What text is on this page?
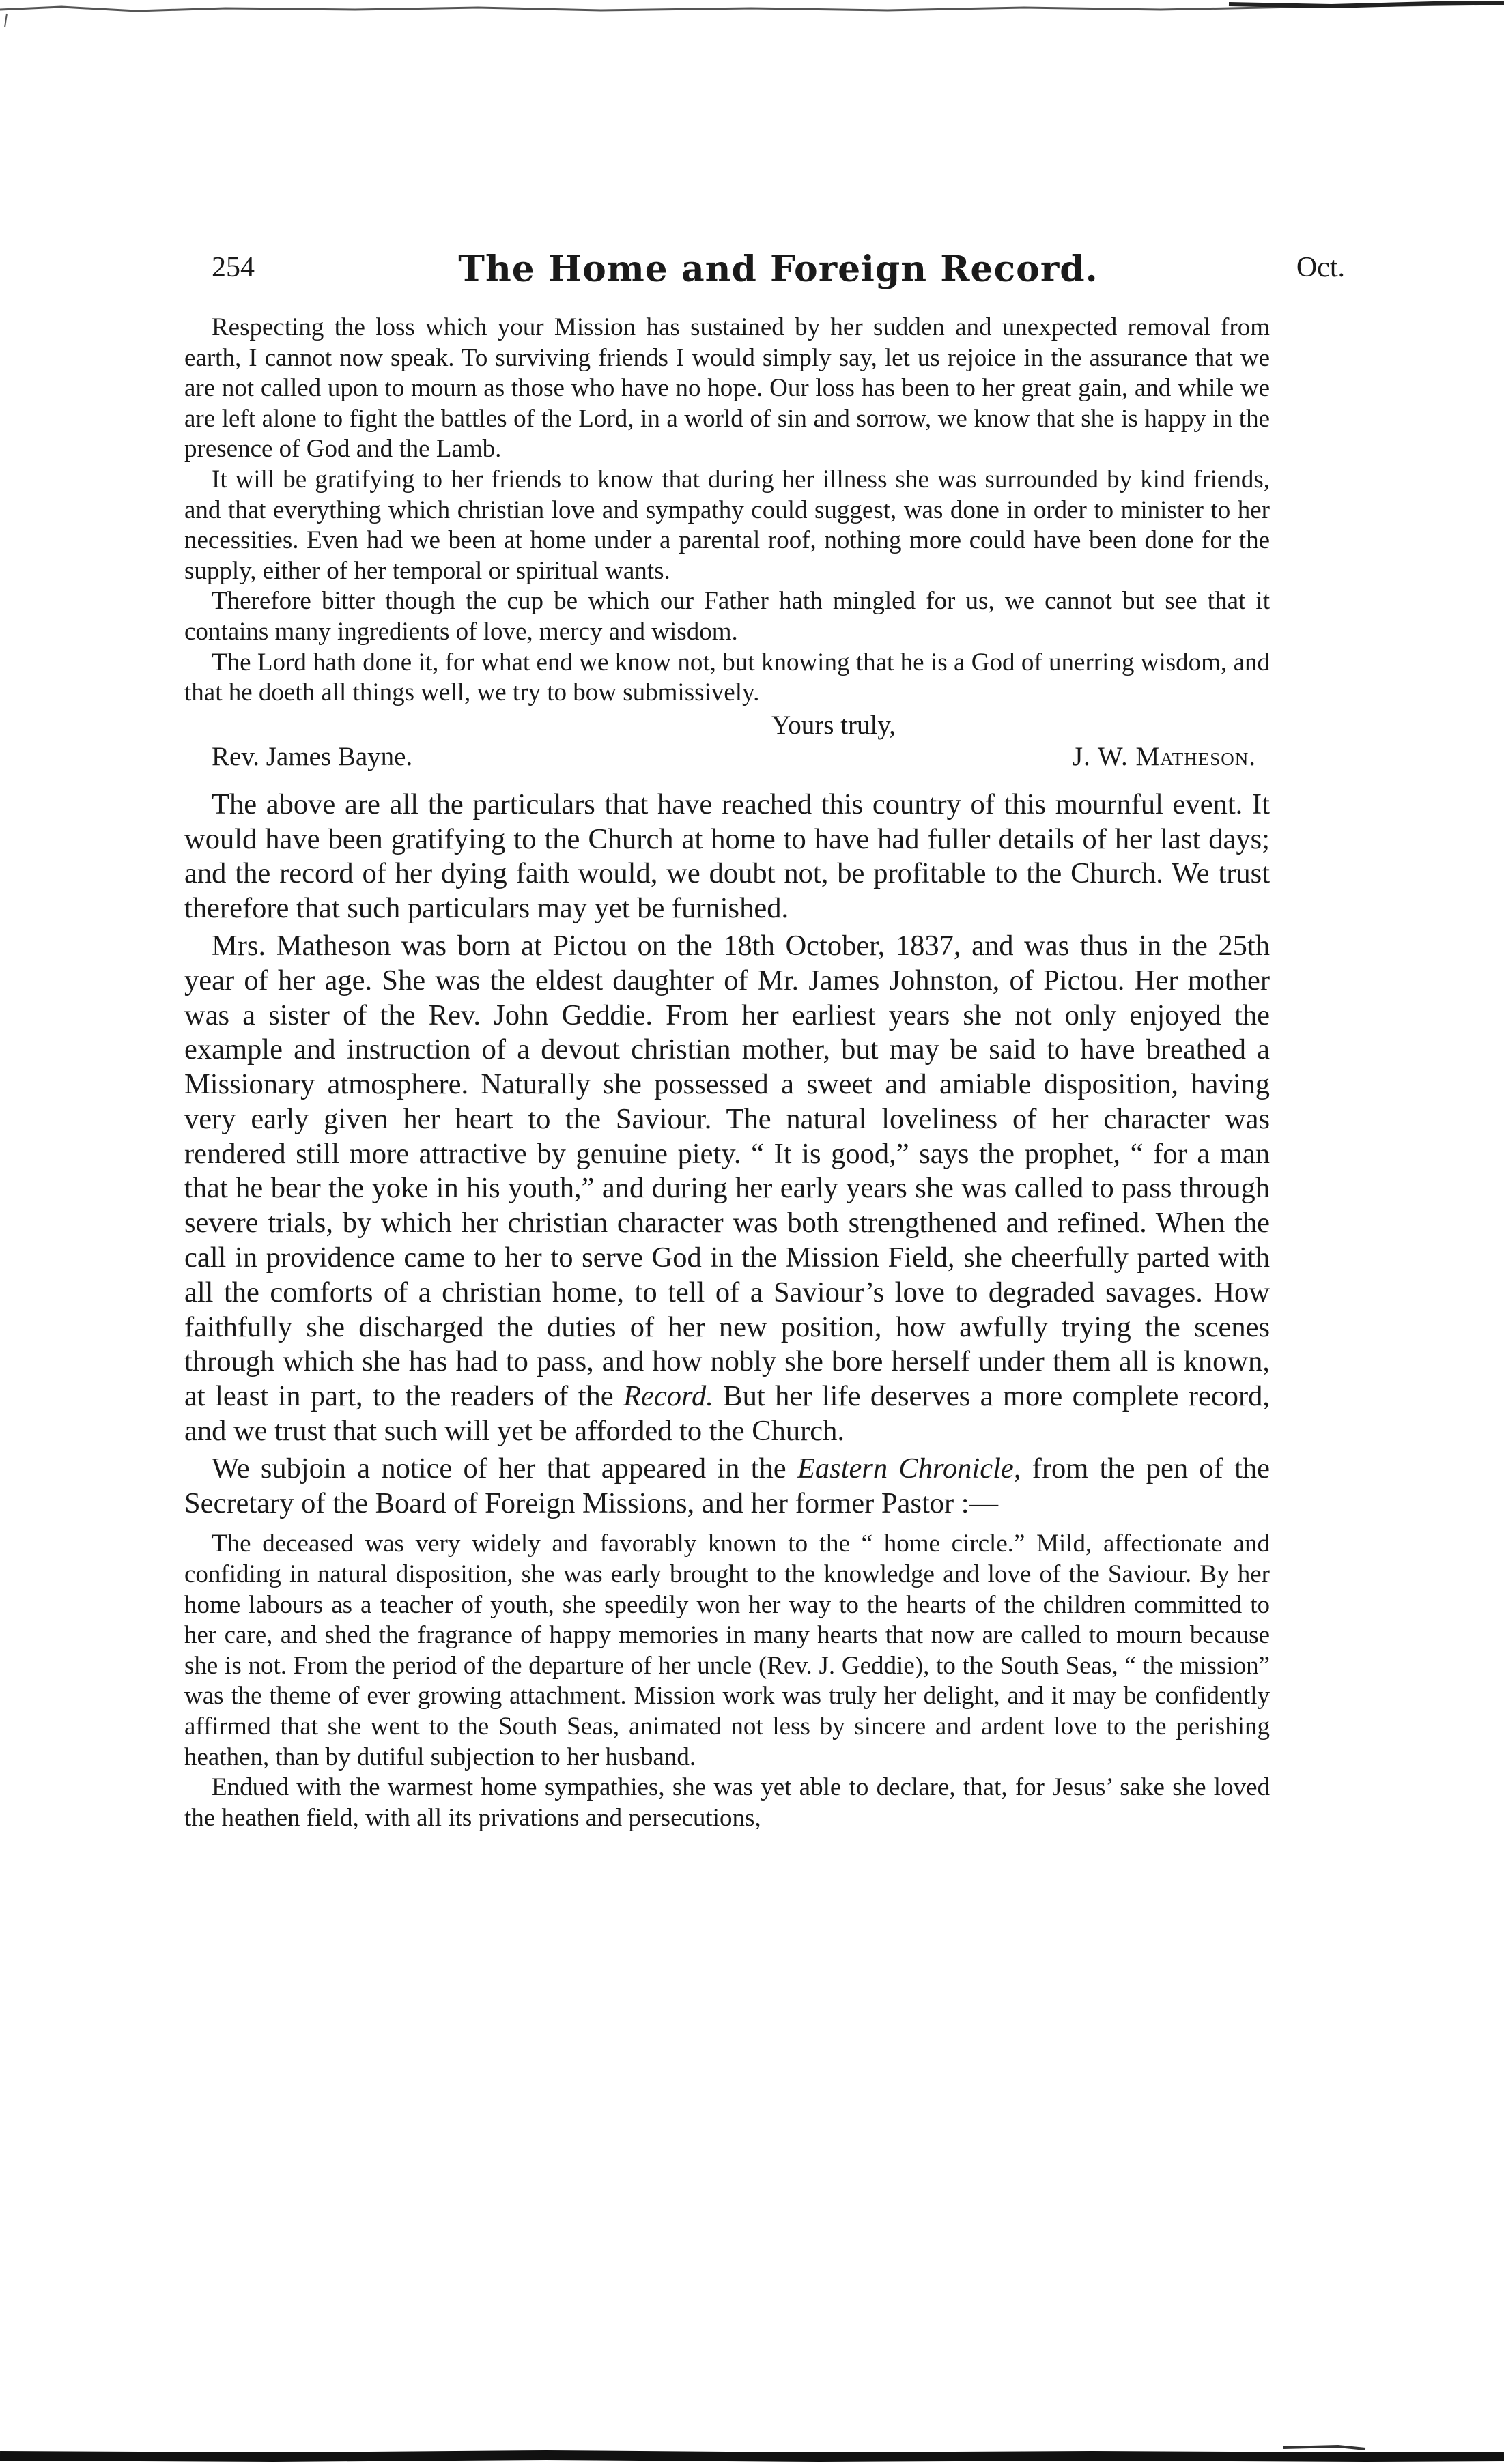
254	The Home and Foreign Record.	Oct.

Respecting the loss which your Mission has sustained by her sudden and unexpected removal from earth, I cannot now speak. To surviving friends I would simply say, let us rejoice in the assurance that we are not called upon to mourn as those who have no hope. Our loss has been to her great gain, and while we are left alone to fight the battles of the Lord, in a world of sin and sorrow, we know that she is happy in the presence of God and the Lamb.

It will be gratifying to her friends to know that during her illness she was surrounded by kind friends, and that everything which christian love and sympathy could suggest, was done in order to minister to her necessities. Even had we been at home under a parental roof, nothing more could have been done for the supply, either of her temporal or spiritual wants.

Therefore bitter though the cup be which our Father hath mingled for us, we cannot but see that it contains many ingredients of love, mercy and wisdom.

The Lord hath done it, for what end we know not, but knowing that he is a God of unerring wisdom, and that he doeth all things well, we try to bow submissively.

Yours truly,
Rev. James Bayne.	J. W. Matheson.

The above are all the particulars that have reached this country of this mournful event. It would have been gratifying to the Church at home to have had fuller details of her last days; and the record of her dying faith would, we doubt not, be profitable to the Church. We trust therefore that such particulars may yet be furnished.

Mrs. Matheson was born at Pictou on the 18th October, 1837, and was thus in the 25th year of her age. She was the eldest daughter of Mr. James Johnston, of Pictou. Her mother was a sister of the Rev. John Geddie. From her earliest years she not only enjoyed the example and instruction of a devout christian mother, but may be said to have breathed a Missionary atmosphere. Naturally she possessed a sweet and amiable disposition, having very early given her heart to the Saviour. The natural loveliness of her character was rendered still more attractive by genuine piety. “ It is good,” says the prophet, “ for a man that he bear the yoke in his youth,” and during her early years she was called to pass through severe trials, by which her christian character was both strengthened and refined. When the call in providence came to her to serve God in the Mission Field, she cheerfully parted with all the comforts of a christian home, to tell of a Saviour’s love to degraded savages. How faithfully she discharged the duties of her new position, how awfully trying the scenes through which she has had to pass, and how nobly she bore herself under them all is known, at least in part, to the readers of the Record. But her life deserves a more complete record, and we trust that such will yet be afforded to the Church.

We subjoin a notice of her that appeared in the Eastern Chronicle, from the pen of the Secretary of the Board of Foreign Missions, and her former Pastor :—

The deceased was very widely and favorably known to the “ home circle.” Mild, affectionate and confiding in natural disposition, she was early brought to the knowledge and love of the Saviour. By her home labours as a teacher of youth, she speedily won her way to the hearts of the children committed to her care, and shed the fragrance of happy memories in many hearts that now are called to mourn because she is not. From the period of the departure of her uncle (Rev. J. Geddie), to the South Seas, “ the mission” was the theme of ever growing attachment. Mission work was truly her delight, and it may be confidently affirmed that she went to the South Seas, animated not less by sincere and ardent love to the perishing heathen, than by dutiful subjection to her husband.

Endued with the warmest home sympathies, she was yet able to declare, that, for Jesus’ sake she loved the heathen field, with all its privations and persecutions,
